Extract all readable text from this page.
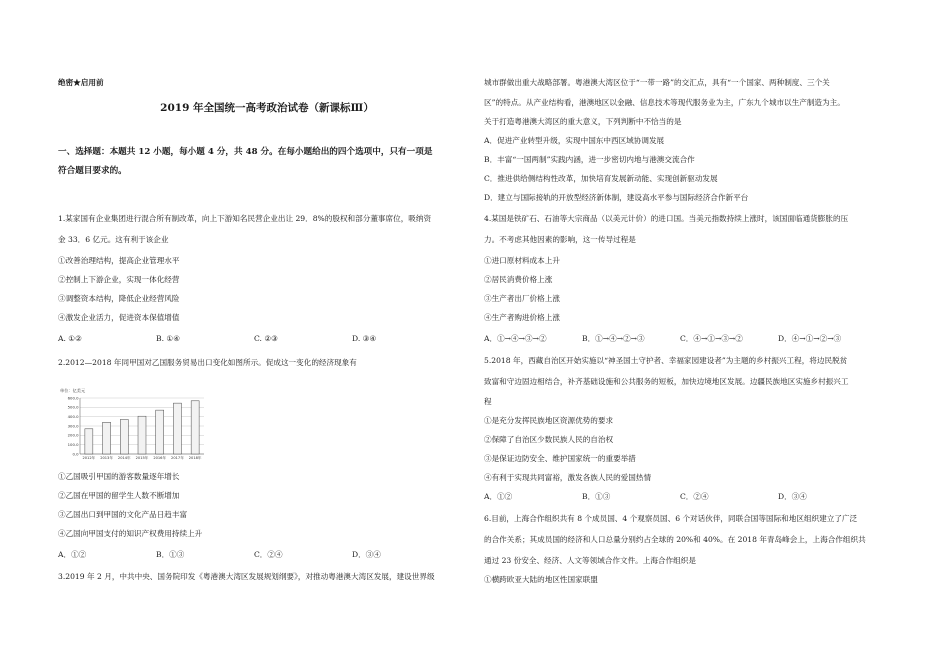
绝密★启用前
2019 年全国统一高考政治试卷（新课标Ⅲ）
一、选择题：本题共 12 小题，每小题 4 分，共 48 分。在每小题给出的四个选项中，只有一项是
符合题目要求的。
1.某家国有企业集团进行混合所有制改革，向上下游知名民营企业出让 29．8%的股权和部分董事席位，吸纳资
金 33．6 亿元。这有利于该企业
①改善治理结构，提高企业管理水平
②控制上下游企业，实现一体化经营
③调整资本结构，降低企业经营风险
④激发企业活力，促进资本保值增值
A. ①②	B. ①④	C. ②③	D. ③④
2.2012—2018 年同甲国对乙国服务贸易出口变化如图所示。促成这一变化的经济现象有
单位：亿美元
600.0
500.0
400.0
300.0
200.0
100.0
0.0
2012年 2013年 2014年 2015年 2016年 2017年 2018年
①乙国吸引甲国的游客数量逐年增长
②乙国在甲国的留学生人数不断增加
③乙国出口到甲国的文化产品日趋丰富
④乙国向甲国支付的知识产权费用持续上升
A．①②	B．①③	C．②④	D．③④
3.2019 年 2 月，中共中央、国务院印发《粤港澳大湾区发展规划纲要》，对推动粤港澳大湾区发展，建设世界级
城市群做出重大战略部署。粤港澳大湾区位于“一带一路”的交汇点，具有“一个国家、两种制度、三个关
区”的特点。从产业结构看，港澳地区以金融、信息技术等现代服务业为主，广东九个城市以生产制造为主。
关于打造粤港澳大湾区的重大意义，下列判断中不恰当的是
A．促进产业转型升级，实现中国东中西区域协调发展
B．丰富“一国两制”实践内涵，进一步密切内地与港澳交流合作
C．推进供给侧结构性改革，加快培育发展新动能、实现创新驱动发展
D．建立与国际接轨的开放型经济新体制，建设高水平参与国际经济合作新平台
4.某国是铁矿石、石油等大宗商品（以美元计价）的进口国。当美元指数持续上涨时，该国面临通货膨胀的压
力。不考虑其他因素的影响，这一传导过程是
①进口原材料成本上升
②居民消费价格上涨
③生产者出厂价格上涨
④生产者购进价格上涨
A．①→④→③→②	B．①→④→②→③	C．④→①→③→②	D．④→①→②→③
5.2018 年，西藏自治区开始实施以“神圣国土守护者、幸福家园建设者”为主题的乡村振兴工程，将边民脱贫
致富和守边固边相结合，补齐基础设施和公共服务的短板，加快边境地区发展。边疆民族地区实施乡村振兴工
程
①是充分发挥民族地区资源优势的要求
②保障了自治区少数民族人民的自治权
③是保证边防安全、维护国家统一的重要举措
④有利于实现共同富裕，激发各族人民的爱国热情
A．①②	B．①③	C．②④	D．③④
6.目前，上海合作组织共有 8 个成员国、4 个观察员国、6 个对话伙伴，同联合国等国际和地区组织建立了广泛
的合作关系；其成员国的经济和人口总量分别约占全球的 20%和 40%。在 2018 年青岛峰会上，上海合作组织共
通过 23 份安全、经济、人文等领域合作文件。上海合作组织是
①横跨欧亚大陆的地区性国家联盟
